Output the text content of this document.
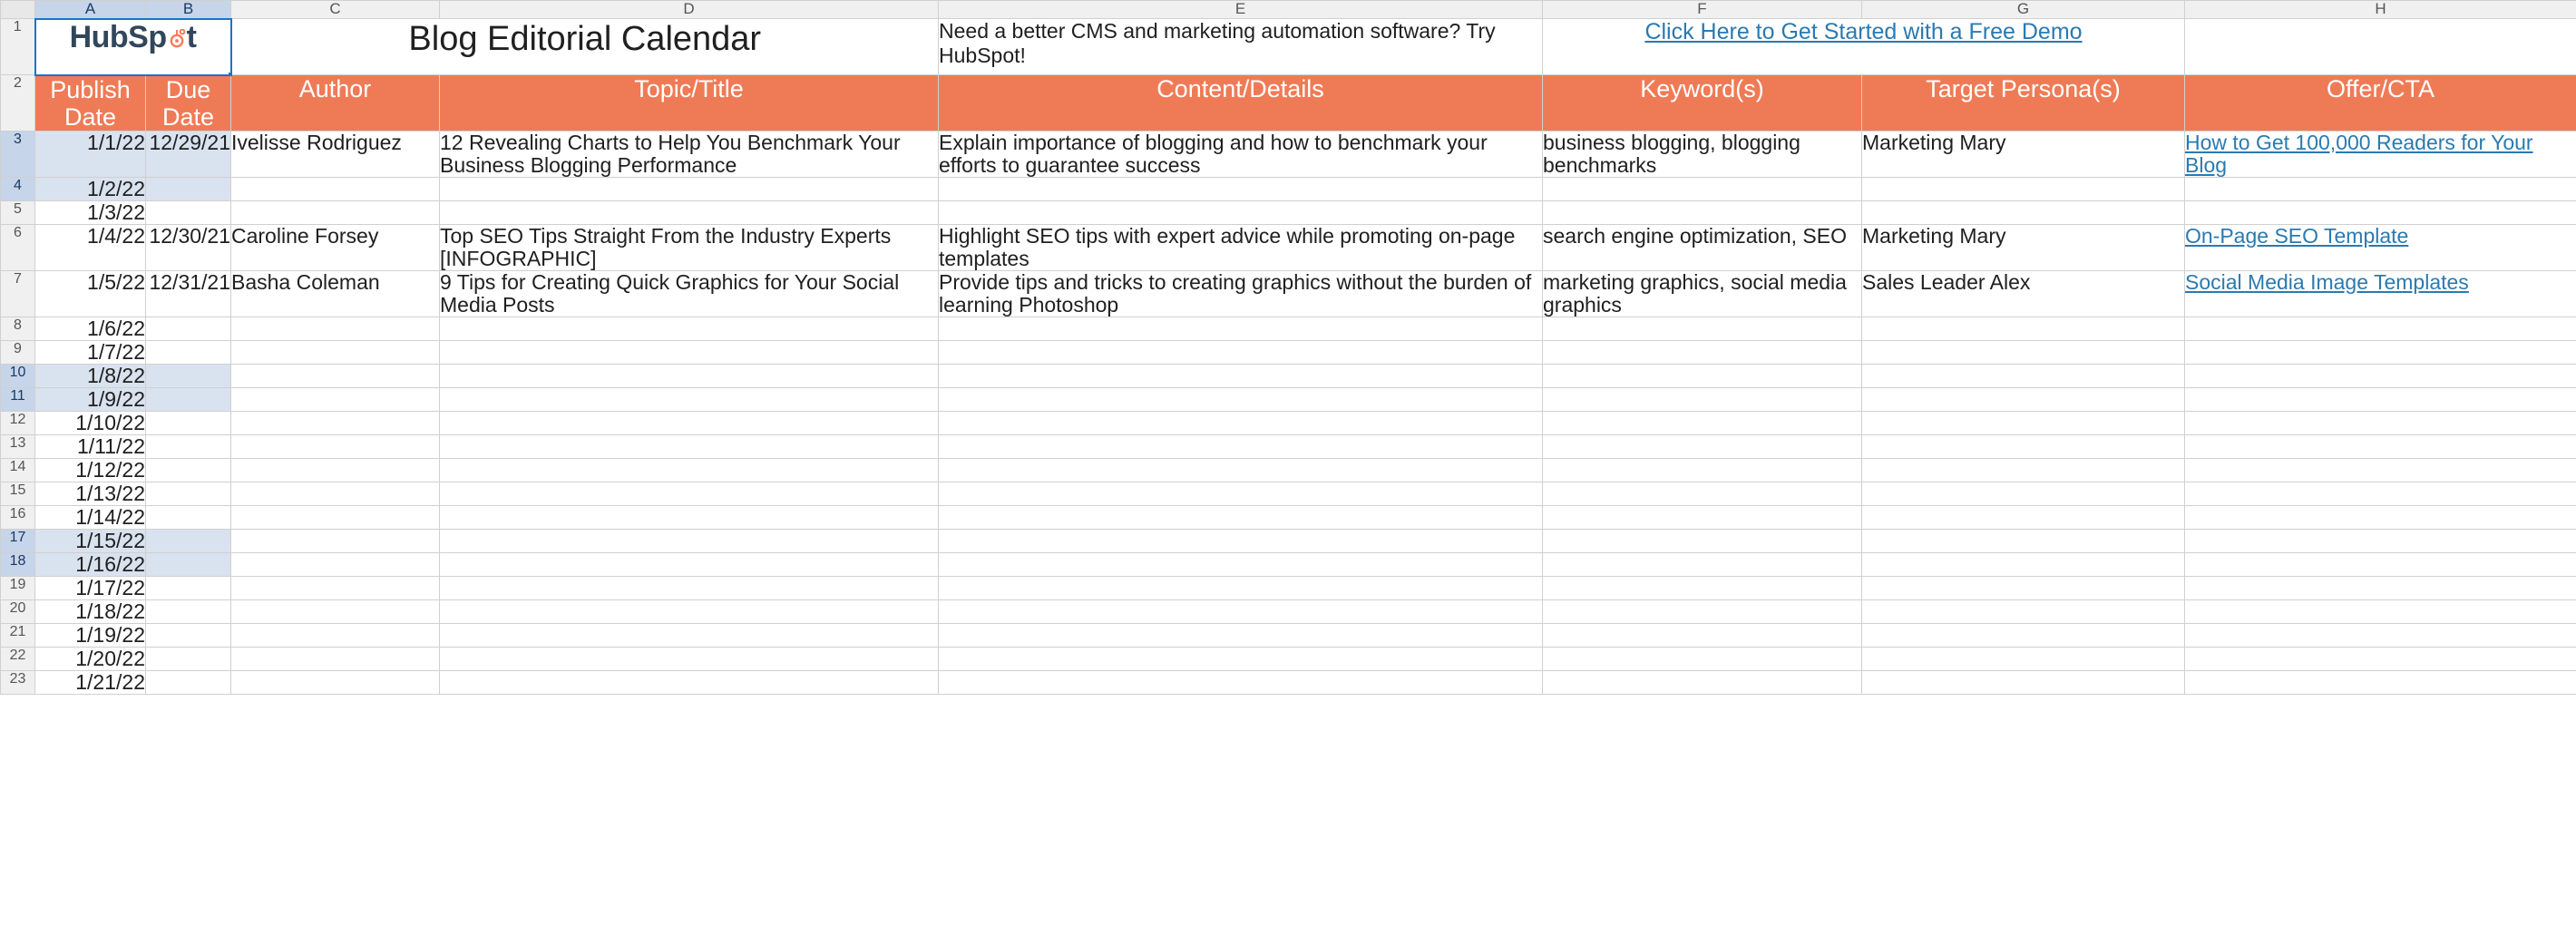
	A	B	C	D	E	F	G	H
1	HubSp t		Blog Editorial Calendar		Need a better CMS and marketing automation software? Try HubSpot!	Click Here to Get Started with a Free Demo		

2	Publish Date	Due Date	Author	Topic/Title	Content/Details	Keyword(s)	Target Persona(s)	Offer/CTA
3	1/1/22	12/29/21	Ivelisse Rodriguez	12 Revealing Charts to Help You Benchmark Your Business Blogging Performance	Explain importance of blogging and how to benchmark your efforts to guarantee success	business blogging, blogging benchmarks	Marketing Mary	How to Get 100,000 Readers for Your Blog
4	1/2/22							
5	1/3/22							
6	1/4/22	12/30/21	Caroline Forsey	Top SEO Tips Straight From the Industry Experts [INFOGRAPHIC]	Highlight SEO tips with expert advice while promoting on-page templates	search engine optimization, SEO	Marketing Mary	On-Page SEO Template
7	1/5/22	12/31/21	Basha Coleman	9 Tips for Creating Quick Graphics for Your Social Media Posts	Provide tips and tricks to creating graphics without the burden of learning Photoshop	marketing graphics, social media graphics	Sales Leader Alex	Social Media Image Templates
8	1/6/22							
9	1/7/22							
10	1/8/22							
11	1/9/22							
12	1/10/22							
13	1/11/22							
14	1/12/22							
15	1/13/22							
16	1/14/22							
17	1/15/22							
18	1/16/22							
19	1/17/22							
20	1/18/22							
21	1/19/22							
22	1/20/22							
23	1/21/22							
